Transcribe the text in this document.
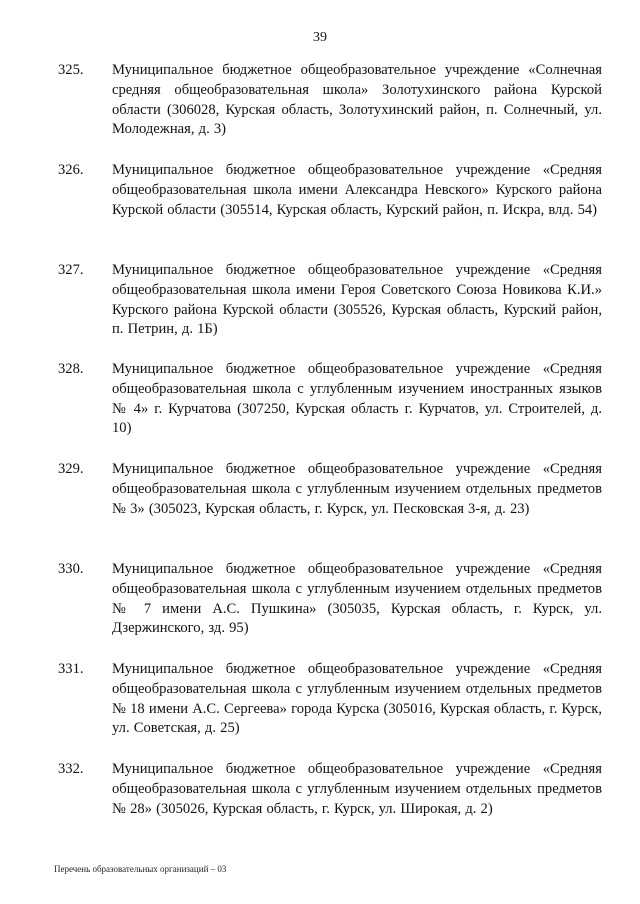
39
325. Муниципальное бюджетное общеобразовательное учреждение «Солнечная средняя общеобразовательная школа» Золотухинского района Курской области (306028, Курская область, Золотухинский район, п. Солнечный, ул. Молодежная, д. 3)
326. Муниципальное бюджетное общеобразовательное учреждение «Средняя общеобразовательная школа имени Александра Невского» Курского района Курской области (305514, Курская область, Курский район, п. Искра, влд. 54)
327. Муниципальное бюджетное общеобразовательное учреждение «Средняя общеобразовательная школа имени Героя Советского Союза Новикова К.И.» Курского района Курской области (305526, Курская область, Курский район, п. Петрин, д. 1Б)
328. Муниципальное бюджетное общеобразовательное учреждение «Средняя общеобразовательная школа с углубленным изучением иностранных языков № 4» г. Курчатова (307250, Курская область г. Курчатов, ул. Строителей, д. 10)
329. Муниципальное бюджетное общеобразовательное учреждение «Средняя общеобразовательная школа с углубленным изучением отдельных предметов № 3» (305023, Курская область, г. Курск, ул. Песковская 3-я, д. 23)
330. Муниципальное бюджетное общеобразовательное учреждение «Средняя общеобразовательная школа с углубленным изучением отдельных предметов № 7 имени А.С. Пушкина» (305035, Курская область, г. Курск, ул. Дзержинского, зд. 95)
331. Муниципальное бюджетное общеобразовательное учреждение «Средняя общеобразовательная школа с углубленным изучением отдельных предметов № 18 имени А.С. Сергеева» города Курска (305016, Курская область, г. Курск, ул. Советская, д. 25)
332. Муниципальное бюджетное общеобразовательное учреждение «Средняя общеобразовательная школа с углубленным изучением отдельных предметов № 28» (305026, Курская область, г. Курск, ул. Широкая, д. 2)
Перечень образовательных организаций – 03
